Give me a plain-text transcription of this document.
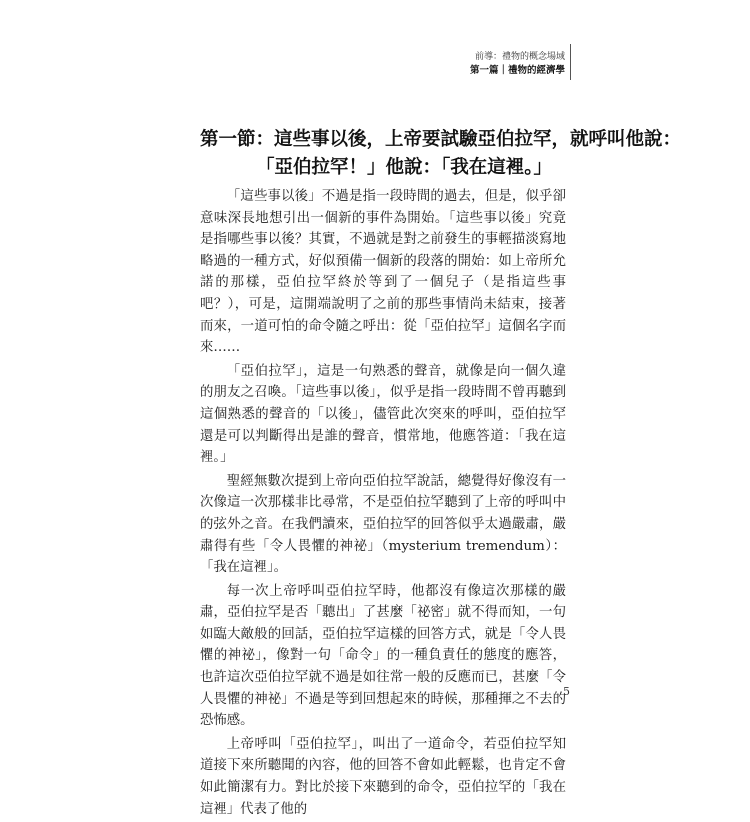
前導：禮物的概念場域
第一篇｜禮物的經濟學
第一節：這些事以後，上帝要試驗亞伯拉罕，就呼叫他說：
「亞伯拉罕！」他說：「我在這裡。」

「這些事以後」不過是指一段時間的過去，但是，似乎卻意味深長地想引出一個新的事件為開始。「這些事以後」究竟是指哪些事以後？其實，不過就是對之前發生的事輕描淡寫地略過的一種方式，好似預備一個新的段落的開始：如上帝所允諾的那樣，亞伯拉罕終於等到了一個兒子（是指這些事吧？），可是，這開端說明了之前的那些事情尚未結束，接著而來，一道可怕的命令隨之呼出：從「亞伯拉罕」這個名字而來……

「亞伯拉罕」，這是一句熟悉的聲音，就像是向一個久違的朋友之召喚。「這些事以後」，似乎是指一段時間不曾再聽到這個熟悉的聲音的「以後」，儘管此次突來的呼叫，亞伯拉罕還是可以判斷得出是誰的聲音，慣常地，他應答道：「我在這裡。」

聖經無數次提到上帝向亞伯拉罕說話，總覺得好像沒有一次像這一次那樣非比尋常，不是亞伯拉罕聽到了上帝的呼叫中的弦外之音。在我們讀來，亞伯拉罕的回答似乎太過嚴肅，嚴肅得有些「令人畏懼的神祕」（mysterium tremendum）：「我在這裡」。

每一次上帝呼叫亞伯拉罕時，他都沒有像這次那樣的嚴肅，亞伯拉罕是否「聽出」了甚麼「祕密」就不得而知，一句如臨大敵般的回話，亞伯拉罕這樣的回答方式，就是「令人畏懼的神祕」，像對一句「命令」的一種負責任的態度的應答，也許這次亞伯拉罕就不過是如往常一般的反應而已，甚麼「令人畏懼的神祕」不過是等到回想起來的時候，那種揮之不去的恐怖感。

上帝呼叫「亞伯拉罕」，叫出了一道命令，若亞伯拉罕知道接下來所聽聞的內容，他的回答不會如此輕鬆，也肯定不會如此簡潔有力。對比於接下來聽到的命令，亞伯拉罕的「我在這裡」代表了他的

5
